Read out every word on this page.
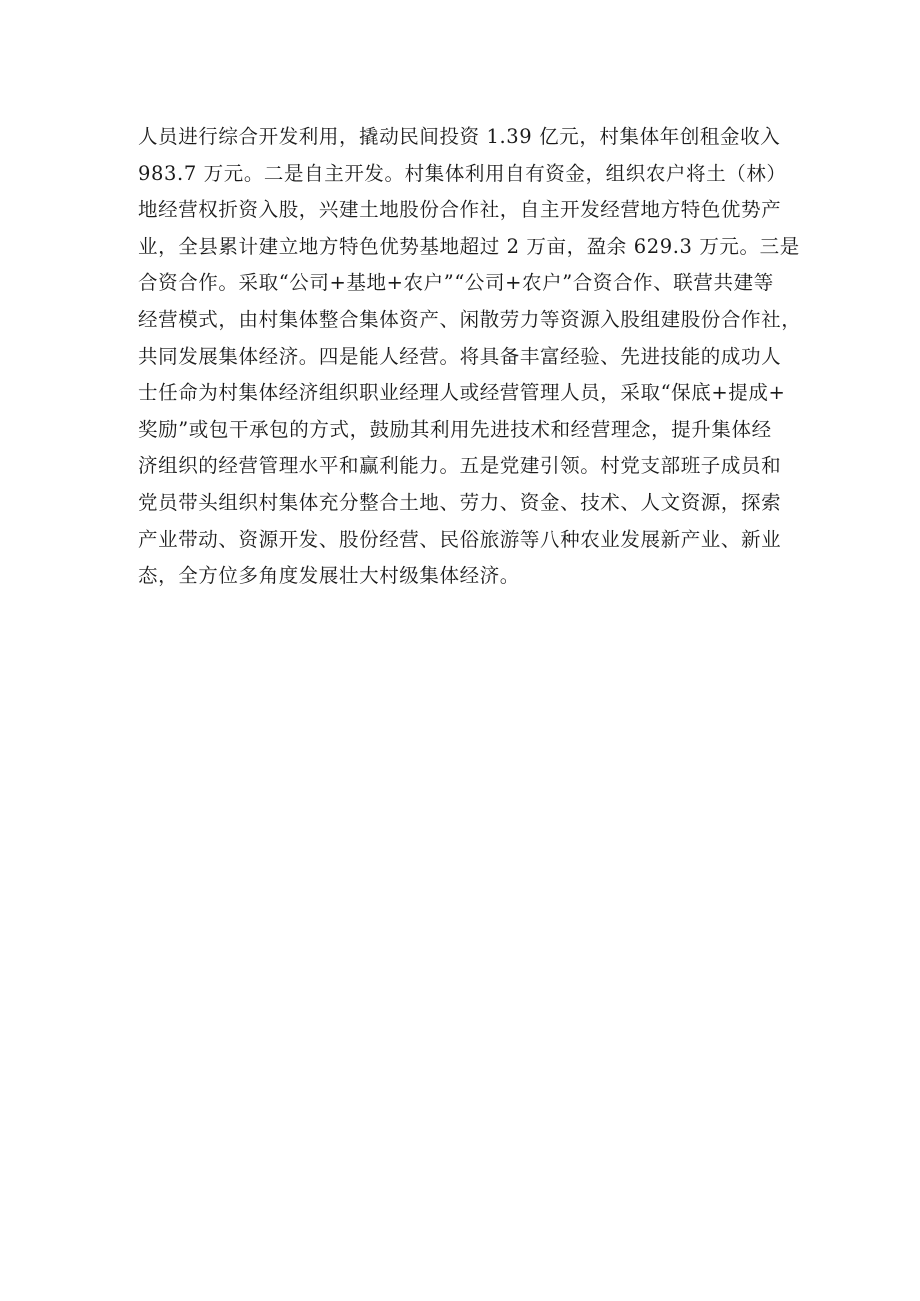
人员进行综合开发利用，撬动民间投资 1.39 亿元，村集体年创租金收入
983.7 万元。二是自主开发。村集体利用自有资金，组织农户将土（林）
地经营权折资入股，兴建土地股份合作社，自主开发经营地方特色优势产
业，全县累计建立地方特色优势基地超过 2 万亩，盈余 629.3 万元。三是
合资合作。采取“公司+基地+农户”“公司+农户”合资合作、联营共建等
经营模式，由村集体整合集体资产、闲散劳力等资源入股组建股份合作社，
共同发展集体经济。四是能人经营。将具备丰富经验、先进技能的成功人
士任命为村集体经济组织职业经理人或经营管理人员，采取“保底+提成+
奖励”或包干承包的方式，鼓励其利用先进技术和经营理念，提升集体经
济组织的经营管理水平和赢利能力。五是党建引领。村党支部班子成员和
党员带头组织村集体充分整合土地、劳力、资金、技术、人文资源，探索
产业带动、资源开发、股份经营、民俗旅游等八种农业发展新产业、新业
态，全方位多角度发展壮大村级集体经济。
